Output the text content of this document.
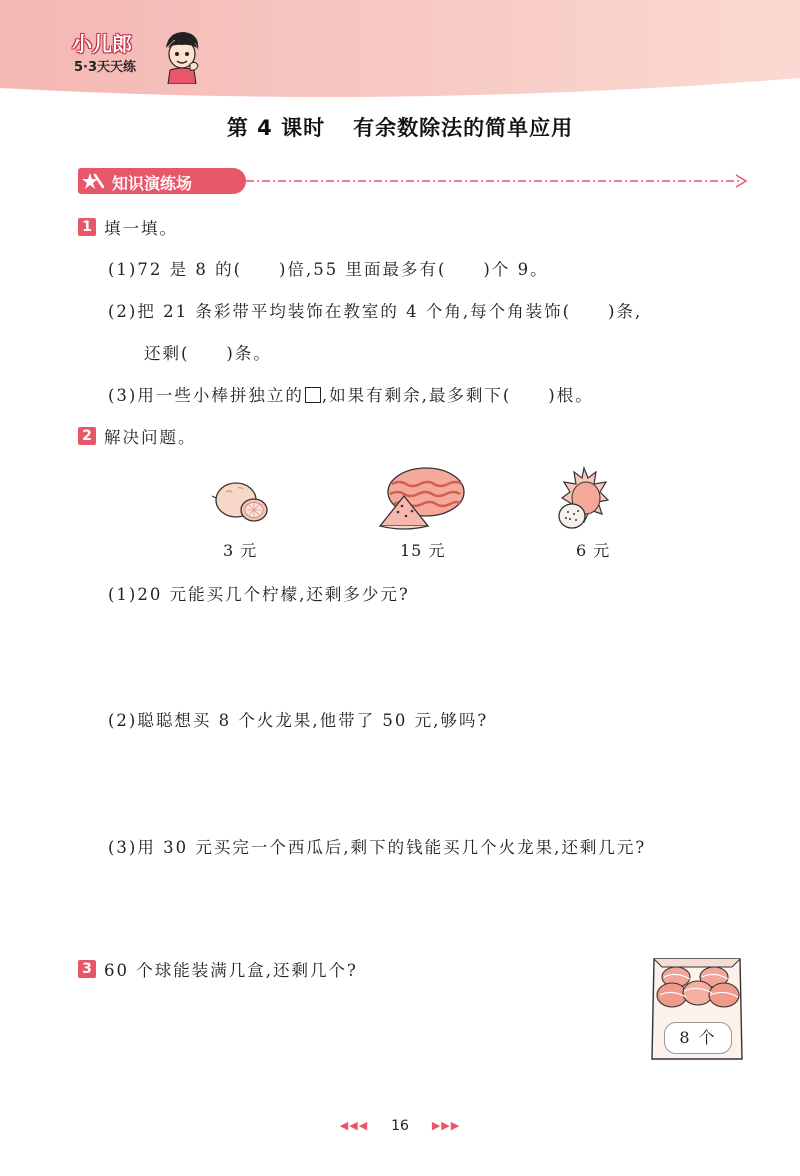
小儿郎
5·3天天练
第 4 课时 有余数除法的简单应用
知识演练场
1 填一填。
(1)72 是 8 的(　　)倍,55 里面最多有(　　)个 9。
(2)把 21 条彩带平均装饰在教室的 4 个角,每个角装饰(　　)条,
还剩(　　)条。
(3)用一些小棒拼独立的 ,如果有剩余,最多剩下(　　)根。
2 解决问题。
3 元	15 元	6 元
(1)20 元能买几个柠檬,还剩多少元?
(2)聪聪想买 8 个火龙果,他带了 50 元,够吗?
(3)用 30 元买完一个西瓜后,剩下的钱能买几个火龙果,还剩几元?
3 60 个球能装满几盒,还剩几个?
8 个
◀◀◀ 16 ▶▶▶
